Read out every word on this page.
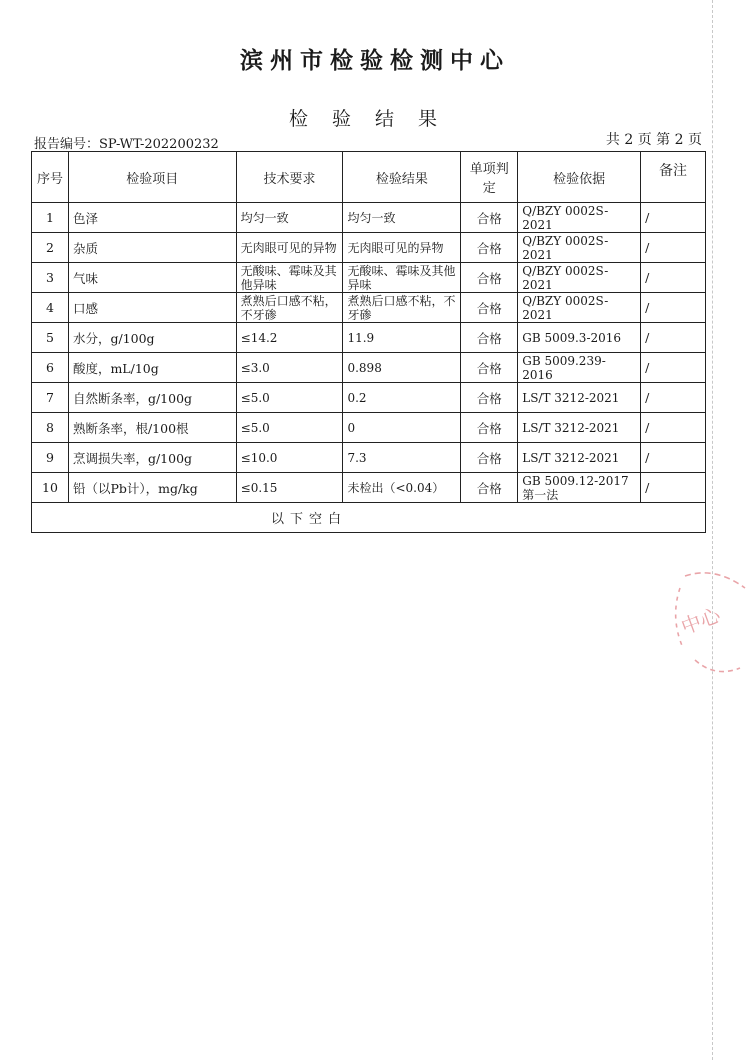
滨州市检验检测中心
检验结果
报告编号：SP-WT-202200232	共 2 页 第 2 页
序号	检验项目	技术要求	检验结果	单项判定	检验依据	备注
1	色泽	均匀一致	均匀一致	合格	Q/BZY 0002S-2021	/
2	杂质	无肉眼可见的异物	无肉眼可见的异物	合格	Q/BZY 0002S-2021	/
3	气味	无酸味、霉味及其他异味	无酸味、霉味及其他异味	合格	Q/BZY 0002S-2021	/
4	口感	煮熟后口感不粘，不牙碜	煮熟后口感不粘，不牙碜	合格	Q/BZY 0002S-2021	/
5	水分，g/100g	≤14.2	11.9	合格	GB 5009.3-2016	/
6	酸度，mL/10g	≤3.0	0.898	合格	GB 5009.239-2016	/
7	自然断条率，g/100g	≤5.0	0.2	合格	LS/T 3212-2021	/
8	熟断条率，根/100根	≤5.0	0	合格	LS/T 3212-2021	/
9	烹调损失率，g/100g	≤10.0	7.3	合格	LS/T 3212-2021	/
10	铅（以Pb计），mg/kg	≤0.15	未检出（<0.04）	合格	GB 5009.12-2017第一法	/
以下空白						
中心
